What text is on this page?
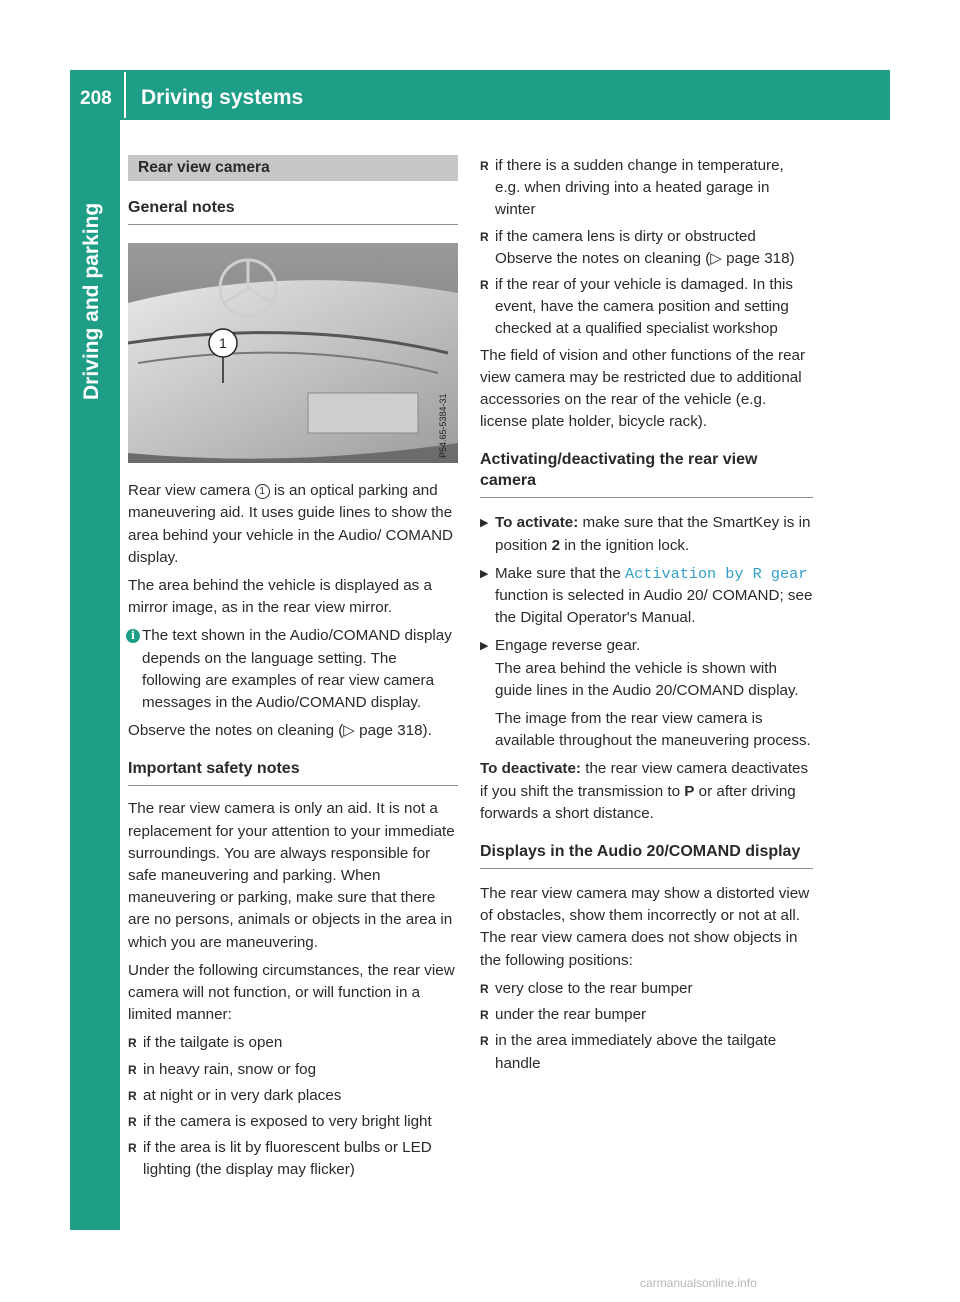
208 Driving systems
Driving and parking
Rear view camera
General notes
1
P54.65-5384-31

Rear view camera 1 is an optical parking and maneuvering aid. It uses guide lines to show the area behind your vehicle in the Audio/ COMAND display.

The area behind the vehicle is displayed as a mirror image, as in the rear view mirror.

i The text shown in the Audio/COMAND display depends on the language setting. The following are examples of rear view camera messages in the Audio/COMAND display.

Observe the notes on cleaning (▷ page 318).

Important safety notes

The rear view camera is only an aid. It is not a replacement for your attention to your immediate surroundings. You are always responsible for safe maneuvering and parking. When maneuvering or parking, make sure that there are no persons, animals or objects in the area in which you are maneuvering.

Under the following circumstances, the rear view camera will not function, or will function in a limited manner:

R if the tailgate is open
R in heavy rain, snow or fog
R at night or in very dark places
R if the camera is exposed to very bright light
R if the area is lit by fluorescent bulbs or LED lighting (the display may flicker)
R if there is a sudden change in temperature, e.g. when driving into a heated garage in winter
R if the camera lens is dirty or obstructed Observe the notes on cleaning (▷ page 318)
R if the rear of your vehicle is damaged. In this event, have the camera position and setting checked at a qualified specialist workshop

The field of vision and other functions of the rear view camera may be restricted due to additional accessories on the rear of the vehicle (e.g. license plate holder, bicycle rack).

Activating/deactivating the rear view camera
▶ To activate: make sure that the SmartKey is in position 2 in the ignition lock.
▶ Make sure that the Activation by R gear function is selected in Audio 20/ COMAND; see the Digital Operator's Manual.
▶ Engage reverse gear.
The area behind the vehicle is shown with guide lines in the Audio 20/COMAND display.
The image from the rear view camera is available throughout the maneuvering process.

To deactivate: the rear view camera deactivates if you shift the transmission to P or after driving forwards a short distance.

Displays in the Audio 20/COMAND display

The rear view camera may show a distorted view of obstacles, show them incorrectly or not at all. The rear view camera does not show objects in the following positions:

R very close to the rear bumper
R under the rear bumper
R in the area immediately above the tailgate handle
carmanualsonline.info
